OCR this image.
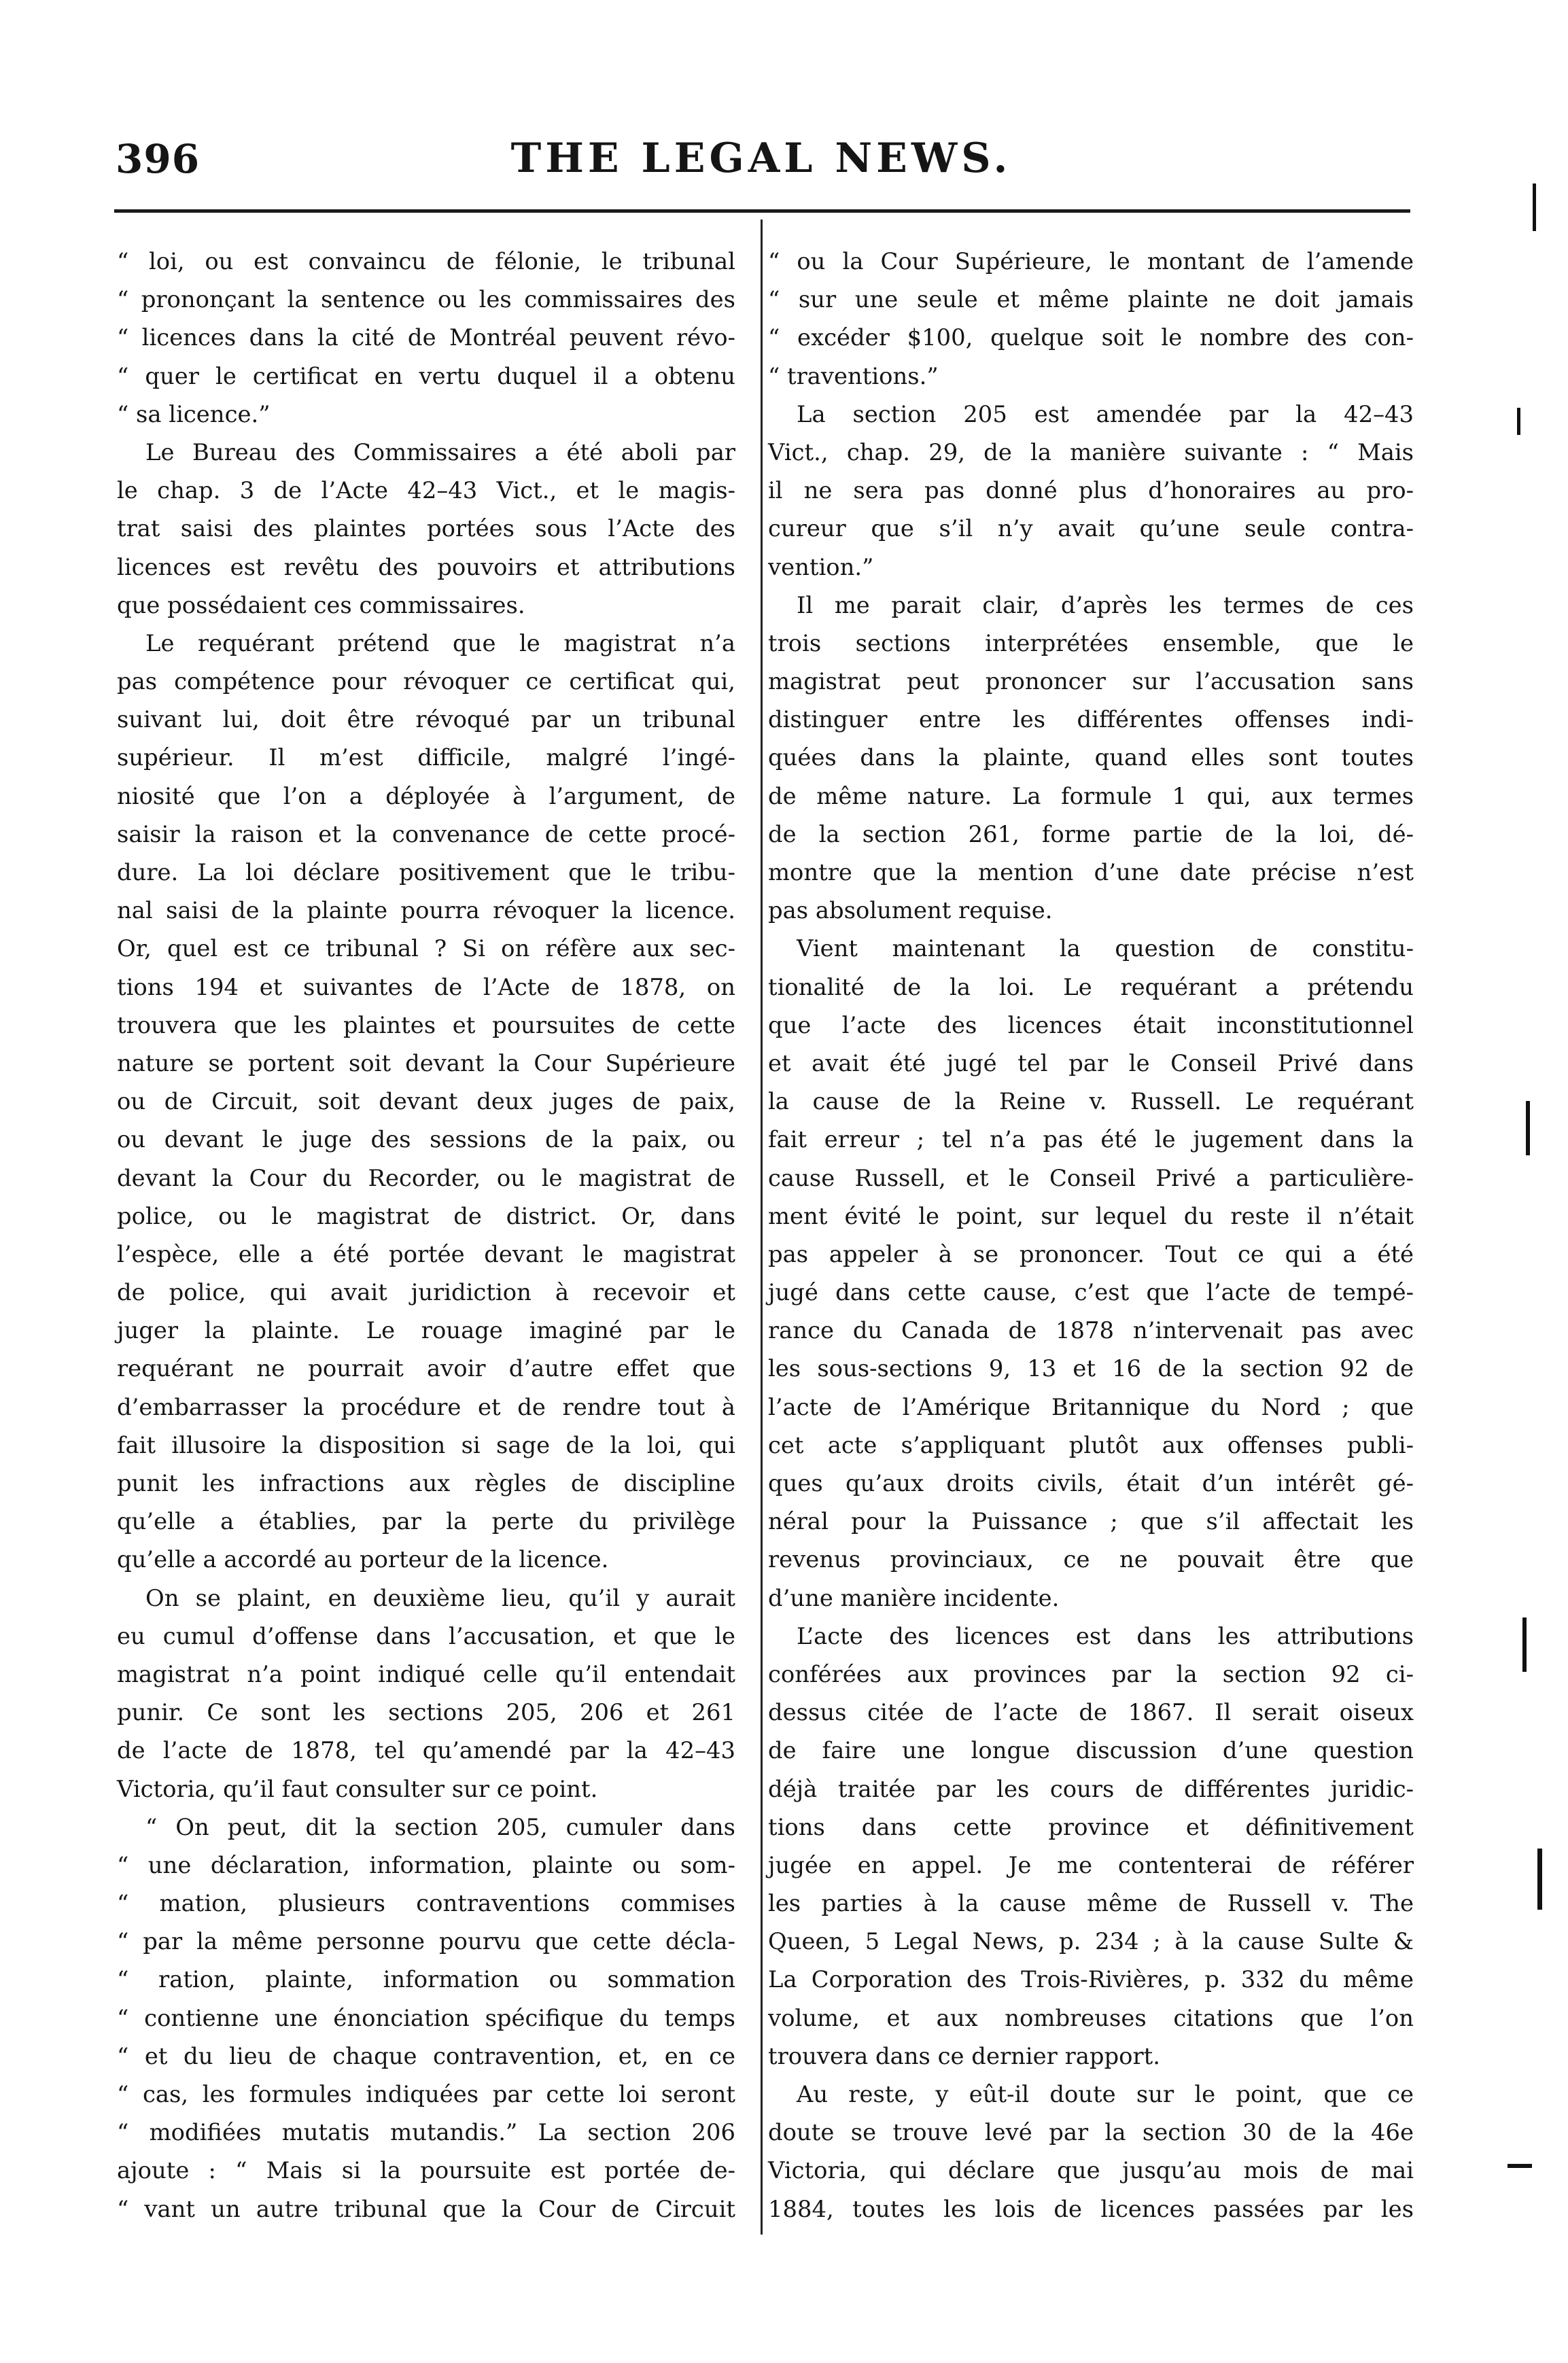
396	THE LEGAL NEWS.
“ loi, ou est convaincu de félonie, le tribunal
“ prononçant la sentence ou les commissaires des
“ licences dans la cité de Montréal peuvent révo-
“ quer le certificat en vertu duquel il a obtenu
“ sa licence.”
Le Bureau des Commissaires a été aboli par
le chap. 3 de l’Acte 42–43 Vict., et le magis-
trat saisi des plaintes portées sous l’Acte des
licences est revêtu des pouvoirs et attributions
que possédaient ces commissaires.
Le requérant prétend que le magistrat n’a
pas compétence pour révoquer ce certificat qui,
suivant lui, doit être révoqué par un tribunal
supérieur. Il m’est difficile, malgré l’ingé-
niosité que l’on a déployée à l’argument, de
saisir la raison et la convenance de cette procé-
dure. La loi déclare positivement que le tribu-
nal saisi de la plainte pourra révoquer la licence.
Or, quel est ce tribunal ? Si on réfère aux sec-
tions 194 et suivantes de l’Acte de 1878, on
trouvera que les plaintes et poursuites de cette
nature se portent soit devant la Cour Supérieure
ou de Circuit, soit devant deux juges de paix,
ou devant le juge des sessions de la paix, ou
devant la Cour du Recorder, ou le magistrat de
police, ou le magistrat de district. Or, dans
l’espèce, elle a été portée devant le magistrat
de police, qui avait juridiction à recevoir et
juger la plainte. Le rouage imaginé par le
requérant ne pourrait avoir d’autre effet que
d’embarrasser la procédure et de rendre tout à
fait illusoire la disposition si sage de la loi, qui
punit les infractions aux règles de discipline
qu’elle a établies, par la perte du privilège
qu’elle a accordé au porteur de la licence.
On se plaint, en deuxième lieu, qu’il y aurait
eu cumul d’offense dans l’accusation, et que le
magistrat n’a point indiqué celle qu’il entendait
punir. Ce sont les sections 205, 206 et 261
de l’acte de 1878, tel qu’amendé par la 42–43
Victoria, qu’il faut consulter sur ce point.
“ On peut, dit la section 205, cumuler dans
“ une déclaration, information, plainte ou som-
“ mation, plusieurs contraventions commises
“ par la même personne pourvu que cette décla-
“ ration, plainte, information ou sommation
“ contienne une énonciation spécifique du temps
“ et du lieu de chaque contravention, et, en ce
“ cas, les formules indiquées par cette loi seront
“ modifiées mutatis mutandis.” La section 206
ajoute : “ Mais si la poursuite est portée de-
“ vant un autre tribunal que la Cour de Circuit
“ ou la Cour Supérieure, le montant de l’amende
“ sur une seule et même plainte ne doit jamais
“ excéder $100, quelque soit le nombre des con-
“ traventions.”
La section 205 est amendée par la 42–43
Vict., chap. 29, de la manière suivante : “ Mais
il ne sera pas donné plus d’honoraires au pro-
cureur que s’il n’y avait qu’une seule contra-
vention.”
Il me parait clair, d’après les termes de ces
trois sections interprétées ensemble, que le
magistrat peut prononcer sur l’accusation sans
distinguer entre les différentes offenses indi-
quées dans la plainte, quand elles sont toutes
de même nature. La formule 1 qui, aux termes
de la section 261, forme partie de la loi, dé-
montre que la mention d’une date précise n’est
pas absolument requise.
Vient maintenant la question de constitu-
tionalité de la loi. Le requérant a prétendu
que l’acte des licences était inconstitutionnel
et avait été jugé tel par le Conseil Privé dans
la cause de la Reine v. Russell. Le requérant
fait erreur ; tel n’a pas été le jugement dans la
cause Russell, et le Conseil Privé a particulière-
ment évité le point, sur lequel du reste il n’était
pas appeler à se prononcer. Tout ce qui a été
jugé dans cette cause, c’est que l’acte de tempé-
rance du Canada de 1878 n’intervenait pas avec
les sous-sections 9, 13 et 16 de la section 92 de
l’acte de l’Amérique Britannique du Nord ; que
cet acte s’appliquant plutôt aux offenses publi-
ques qu’aux droits civils, était d’un intérêt gé-
néral pour la Puissance ; que s’il affectait les
revenus provinciaux, ce ne pouvait être que
d’une manière incidente.
L’acte des licences est dans les attributions
conférées aux provinces par la section 92 ci-
dessus citée de l’acte de 1867. Il serait oiseux
de faire une longue discussion d’une question
déjà traitée par les cours de différentes juridic-
tions dans cette province et définitivement
jugée en appel. Je me contenterai de référer
les parties à la cause même de Russell v. The
Queen, 5 Legal News, p. 234 ; à la cause Sulte &
La Corporation des Trois-Rivières, p. 332 du même
volume, et aux nombreuses citations que l’on
trouvera dans ce dernier rapport.
Au reste, y eût-il doute sur le point, que ce
doute se trouve levé par la section 30 de la 46e
Victoria, qui déclare que jusqu’au mois de mai
1884, toutes les lois de licences passées par les
